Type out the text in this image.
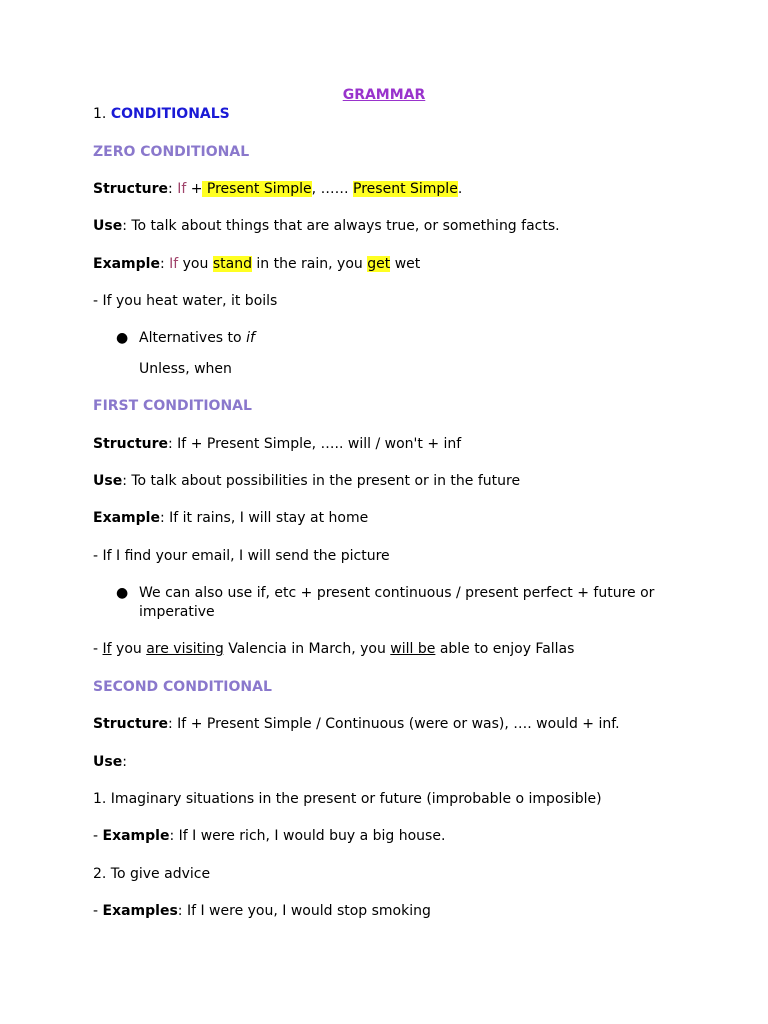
GRAMMAR
1. CONDITIONALS
ZERO CONDITIONAL
Structure: If + Present Simple, …… Present Simple.
Use: To talk about things that are always true, or something facts.
Example: If you stand in the rain, you get wet
- If you heat water, it boils
● Alternatives to if
Unless, when
FIRST CONDITIONAL
Structure: If + Present Simple, ….. will / won't + inf
Use: To talk about possibilities in the present or in the future
Example: If it rains, I will stay at home
- If I find your email, I will send the picture
● We can also use if, etc + present continuous / present perfect + future or
imperative
- If you are visiting Valencia in March, you will be able to enjoy Fallas
SECOND CONDITIONAL
Structure: If + Present Simple / Continuous (were or was), …. would + inf.
Use:
1. Imaginary situations in the present or future (improbable o imposible)
- Example: If I were rich, I would buy a big house.
2. To give advice
- Examples: If I were you, I would stop smoking
